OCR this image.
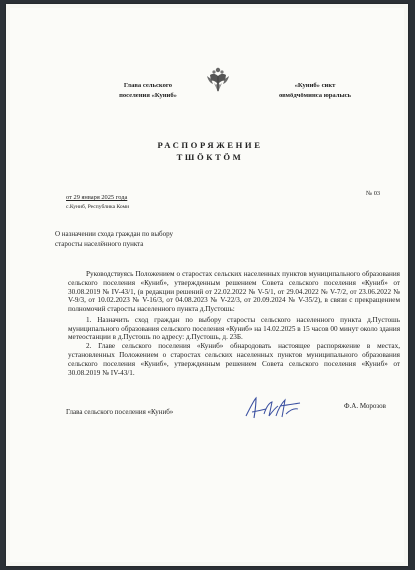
Глава сельского
поселения «Куниб»
«Куниб» сикт
овмöдчöминса юралысь
РАСПОРЯЖЕНИЕ
ТШӦКТӦМ
от 29 января 2025 года
с.Куниб, Республика Коми
№ 03
О назначении схода граждан по выбору
старосты населённого пункта

Руководствуясь Положением о старостах сельских населенных пунктов муниципального образования сельского поселения «Куниб», утвержденным решением Совета сельского поселения «Куниб» от 30.08.2019 № IV-43/1, (в редакции решений от 22.02.2022 № V-5/1, от 29.04.2022 № V-7/2, от 23.06.2022 № V-9/3, от 10.02.2023 № V-16/3, от 04.08.2023 № V-22/3, от 20.09.2024 № V-35/2), в связи с прекращением полномочий старосты населенного пункта д.Пустошь:

1. Назначить сход граждан по выбору старосты сельского населенного пункта д.Пустошь муниципального образования сельского поселения «Куниб» на 14.02.2025 в 15 часов 00 минут около здания метеостанции в д.Пустошь по адресу: д.Пустошь, д. 23Б.

2. Главе сельского поселения «Куниб» обнародовать настоящее распоряжение в местах, установленных Положением о старостах сельских населенных пунктов муниципального образования сельского поселения «Куниб», утвержденным решением Совета сельского поселения «Куниб» от 30.08.2019 № IV-43/1.

Глава сельского поселения «Куниб»
Ф.А. Морозов
